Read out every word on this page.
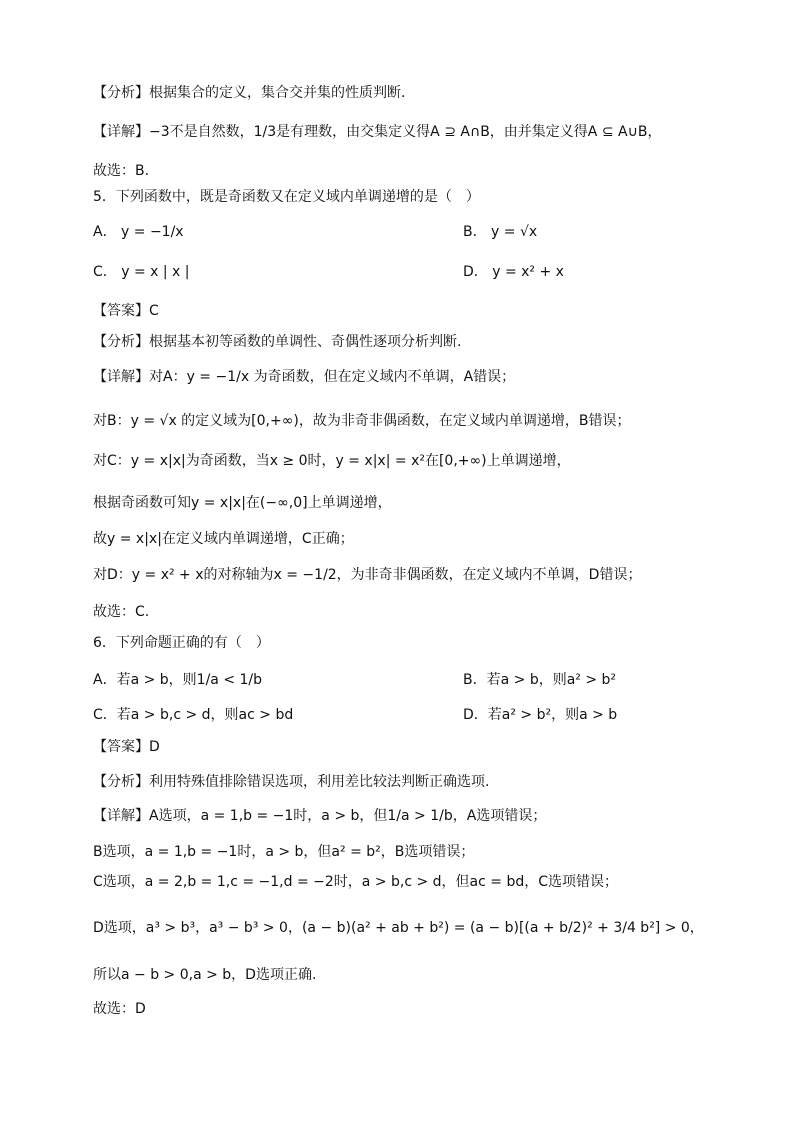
【分析】根据集合的定义，集合交并集的性质判断．
【详解】−3不是自然数，1/3是有理数，由交集定义得A ⊇ A∩B，由并集定义得A ⊆ A∪B，
故选：B．
5．下列函数中，既是奇函数又在定义域内单调递增的是（　）
A． y = −1/x	B． y = √x
C． y = x | x |	D． y = x² + x
【答案】C
【分析】根据基本初等函数的单调性、奇偶性逐项分析判断.
【详解】对A：y = −1/x 为奇函数，但在定义域内不单调，A错误；
对B：y = √x 的定义域为[0,+∞)，故为非奇非偶函数，在定义域内单调递增，B错误；
对C：y = x|x|为奇函数，当x ≥ 0时，y = x|x| = x²在[0,+∞)上单调递增，
根据奇函数可知y = x|x|在(−∞,0]上单调递增，
故y = x|x|在定义域内单调递增，C正确；
对D：y = x² + x的对称轴为x = −1/2，为非奇非偶函数，在定义域内不单调，D错误；
故选：C.
6．下列命题正确的有（　）
A．若a > b，则1/a < 1/b	B．若a > b，则a² > b²
C．若a > b,c > d，则ac > bd	D．若a² > b²，则a > b
【答案】D
【分析】利用特殊值排除错误选项，利用差比较法判断正确选项.
【详解】A选项，a = 1,b = −1时，a > b，但1/a > 1/b，A选项错误；
B选项，a = 1,b = −1时，a > b，但a² = b²，B选项错误；
C选项，a = 2,b = 1,c = −1,d = −2时，a > b,c > d，但ac = bd，C选项错误；
D选项，a³ > b³，a³ − b³ > 0，(a − b)(a² + ab + b²) = (a − b)[(a + b/2)² + 3/4 b²] > 0，
所以a − b > 0,a > b，D选项正确.
故选：D
